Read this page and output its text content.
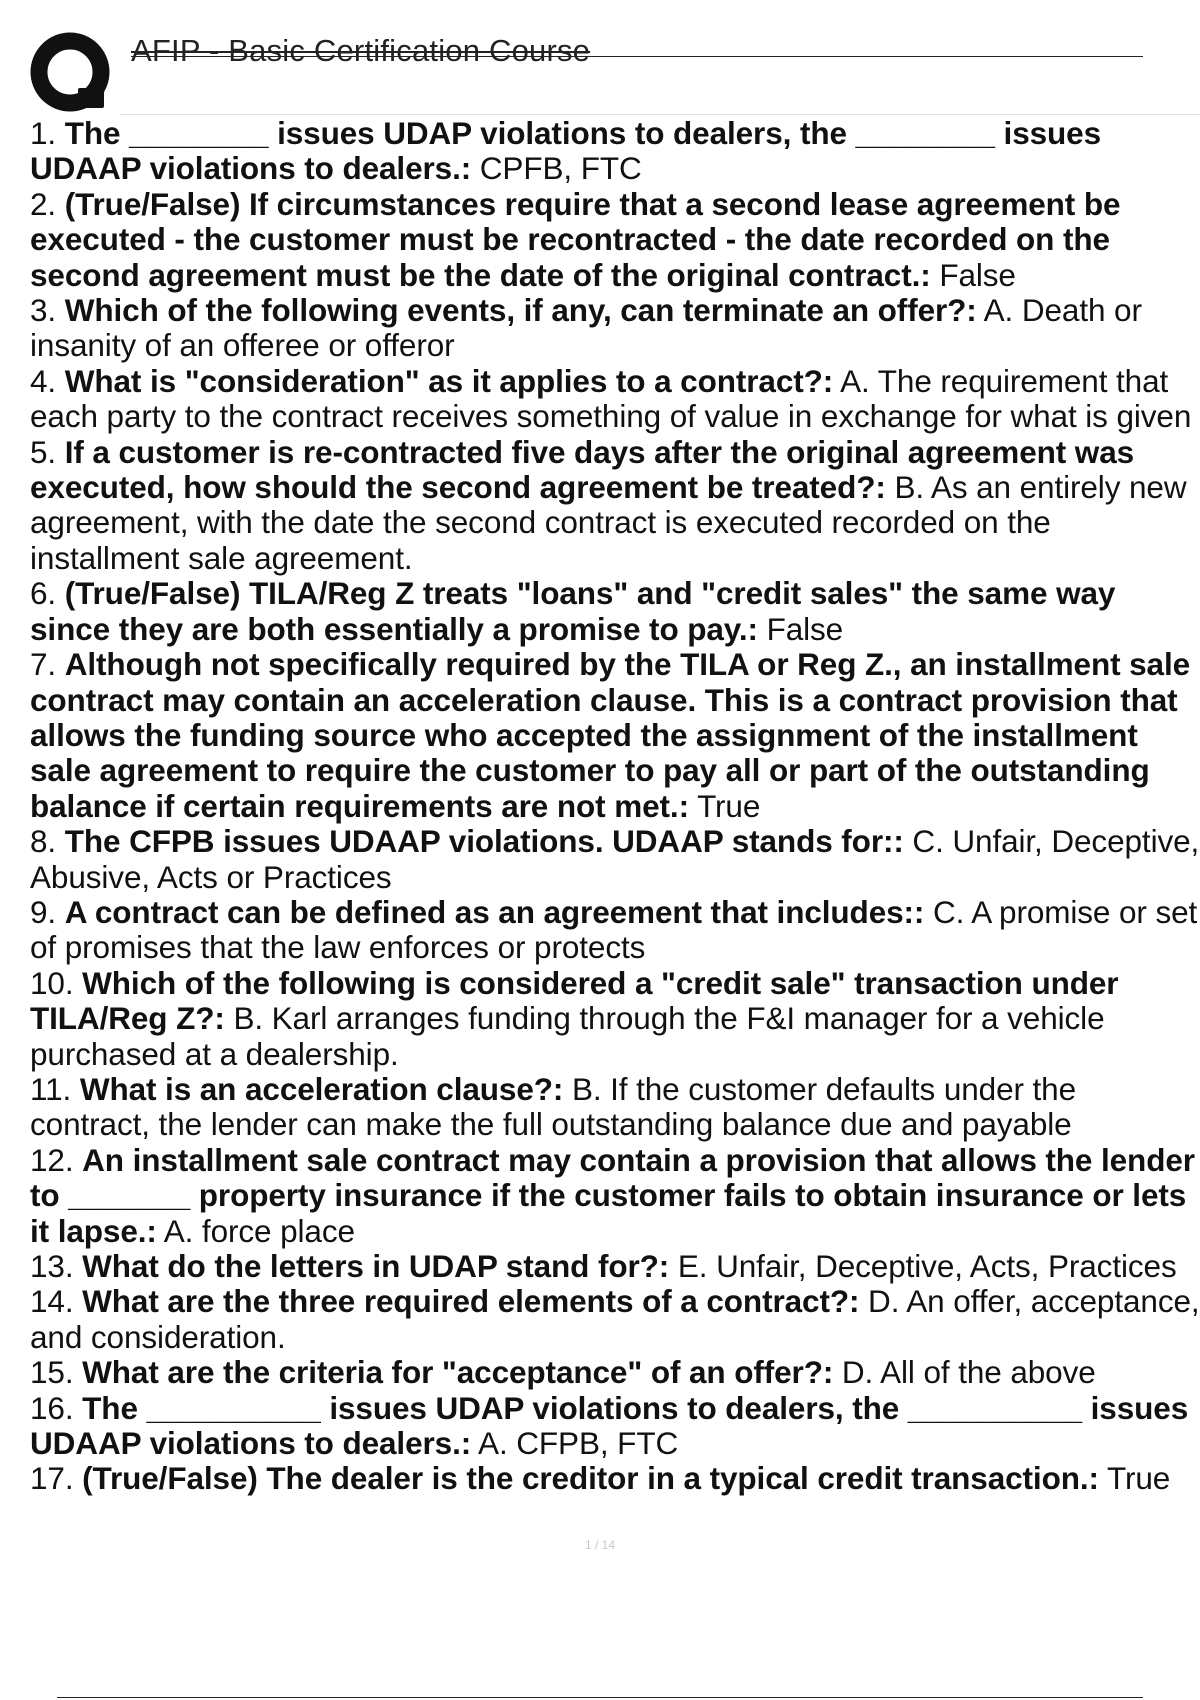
AFIP - Basic Certification Course

1. The ________ issues UDAP violations to dealers, the ________ issues UDAAP violations to dealers.: CPFB, FTC

2. (True/False) If circumstances require that a second lease agreement be executed - the customer must be recontracted - the date recorded on the second agreement must be the date of the original contract.: False

3. Which of the following events, if any, can terminate an offer?: A. Death or insanity of an offeree or offeror

4. What is "consideration" as it applies to a contract?: A. The requirement that each party to the contract receives something of value in exchange for what is given

5. If a customer is re-contracted five days after the original agreement was executed, how should the second agreement be treated?: B. As an entirely new agreement, with the date the second contract is executed recorded on the installment sale agreement.

6. (True/False) TILA/Reg Z treats "loans" and "credit sales" the same way since they are both essentially a promise to pay.: False

7. Although not specifically required by the TILA or Reg Z., an installment sale contract may contain an acceleration clause. This is a contract provision that allows the funding source who accepted the assignment of the installment sale agreement to require the customer to pay all or part of the outstanding balance if certain requirements are not met.: True

8. The CFPB issues UDAAP violations. UDAAP stands for:: C. Unfair, Deceptive, Abusive, Acts or Practices

9. A contract can be defined as an agreement that includes:: C. A promise or set of promises that the law enforces or protects

10. Which of the following is considered a "credit sale" transaction under TILA/Reg Z?: B. Karl arranges funding through the F&I manager for a vehicle purchased at a dealership.

11. What is an acceleration clause?: B. If the customer defaults under the contract, the lender can make the full outstanding balance due and payable

12. An installment sale contract may contain a provision that allows the lender to _______ property insurance if the customer fails to obtain insurance or lets it lapse.: A. force place

13. What do the letters in UDAP stand for?: E. Unfair, Deceptive, Acts, Practices

14. What are the three required elements of a contract?: D. An offer, acceptance, and consideration.

15. What are the criteria for "acceptance" of an offer?: D. All of the above

16. The __________ issues UDAP violations to dealers, the __________ issues UDAAP violations to dealers.: A. CFPB, FTC

17. (True/False) The dealer is the creditor in a typical credit transaction.: True

1 / 14
